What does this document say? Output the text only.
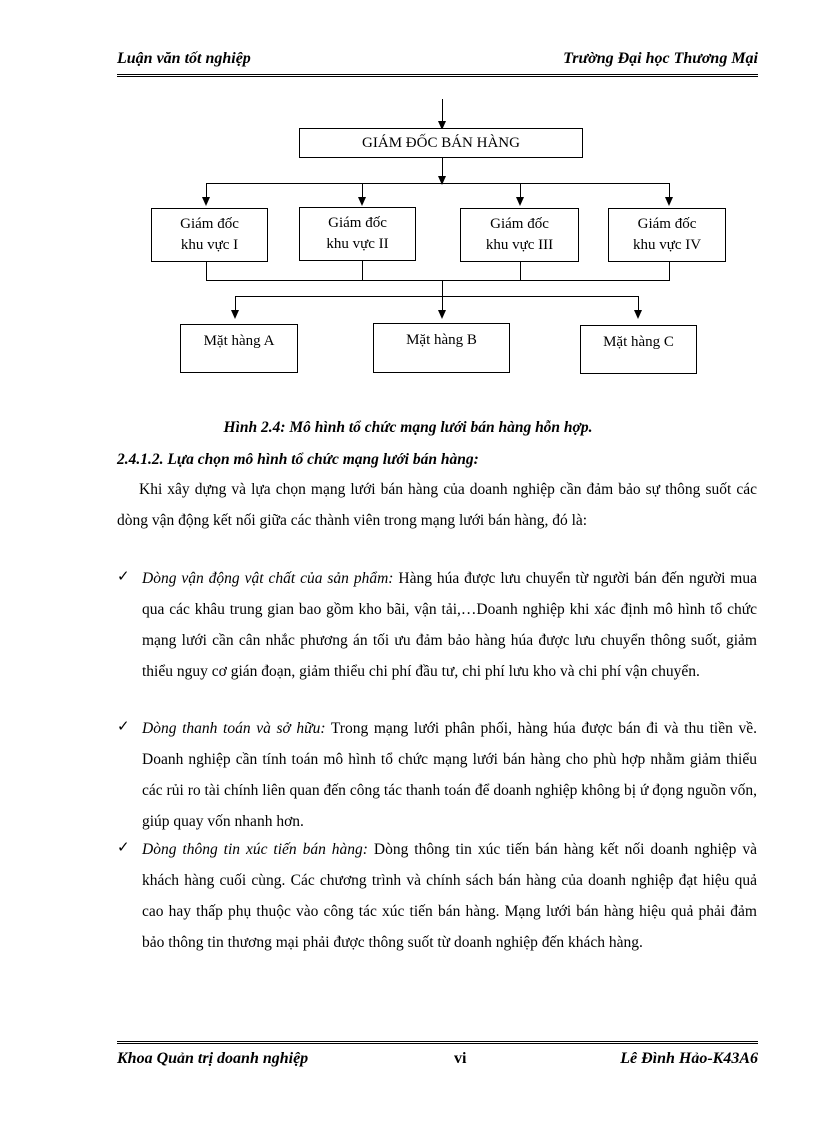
Luận văn tốt nghiệp	Trường Đại học Thương Mại
GIÁM ĐỐC BÁN HÀNG
Giám đốc
khu vực I
Giám đốc
khu vực II
Giám đốc
khu vực III
Giám đốc
khu vực IV
Mặt hàng A	Mặt hàng B	Mặt hàng C
Hình 2.4: Mô hình tổ chức mạng lưới bán hàng hỗn hợp.
2.4.1.2. Lựa chọn mô hình tổ chức mạng lưới bán hàng:
Khi xây dựng và lựa chọn mạng lưới bán hàng của doanh nghiệp cần đảm bảo sự thông suốt các dòng vận động kết nối giữa các thành viên trong mạng lưới bán hàng, đó là:
✓ Dòng vận động vật chất của sản phẩm: Hàng húa được lưu chuyển từ người bán đến người mua qua các khâu trung gian bao gồm kho bãi, vận tải,…Doanh nghiệp khi xác định mô hình tổ chức mạng lưới cần cân nhắc phương án tối ưu đảm bảo hàng húa được lưu chuyển thông suốt, giảm thiểu nguy cơ gián đoạn, giảm thiểu chi phí đầu tư, chi phí lưu kho và chi phí vận chuyển.
✓ Dòng thanh toán và sở hữu: Trong mạng lưới phân phối, hàng húa được bán đi và thu tiền về. Doanh nghiệp cần tính toán mô hình tổ chức mạng lưới bán hàng cho phù hợp nhằm giảm thiểu các rủi ro tài chính liên quan đến công tác thanh toán để doanh nghiệp không bị ứ đọng nguồn vốn, giúp quay vốn nhanh hơn.
✓ Dòng thông tin xúc tiến bán hàng: Dòng thông tin xúc tiến bán hàng kết nối doanh nghiệp và khách hàng cuối cùng. Các chương trình và chính sách bán hàng của doanh nghiệp đạt hiệu quả cao hay thấp phụ thuộc vào công tác xúc tiến bán hàng. Mạng lưới bán hàng hiệu quả phải đảm bảo thông tin thương mại phải được thông suốt từ doanh nghiệp đến khách hàng.
Khoa Quản trị doanh nghiệp	vi	Lê Đình Hảo-K43A6
